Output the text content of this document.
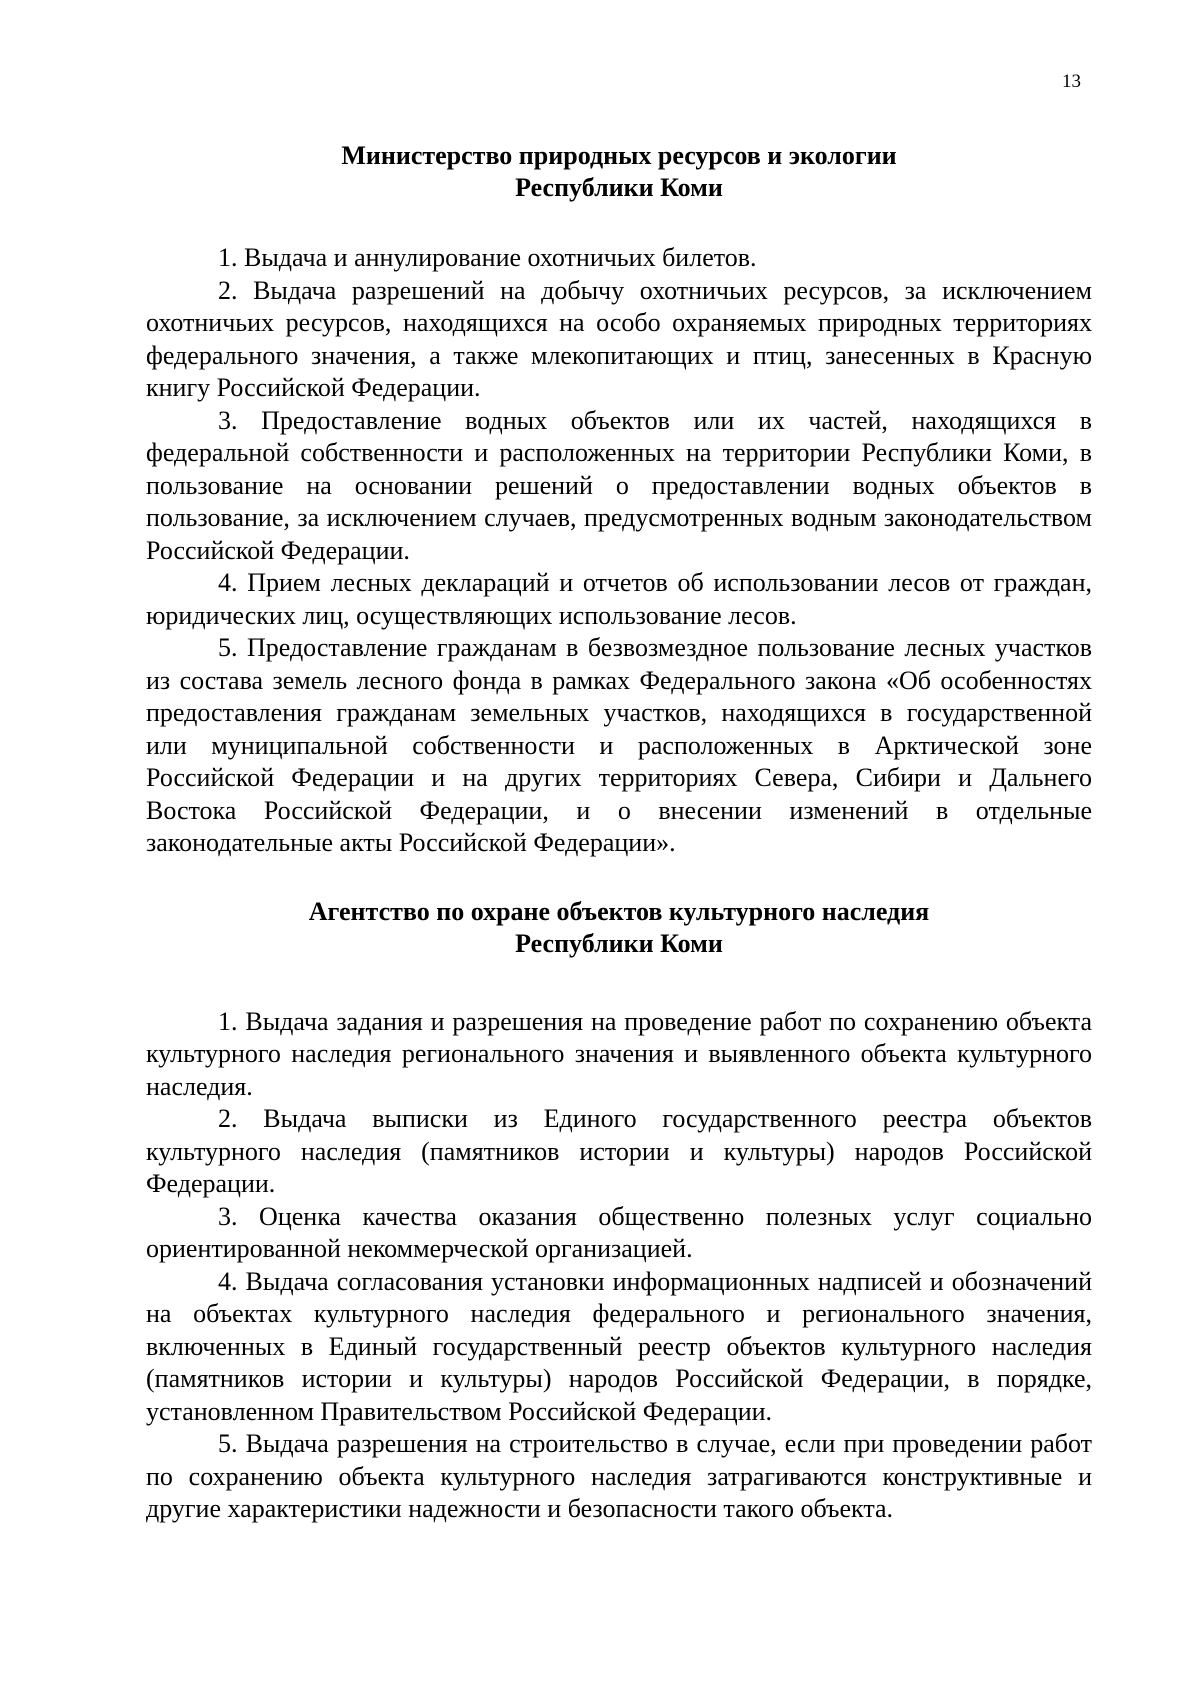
13
Министерство природных ресурсов и экологии
Республики Коми

1. Выдача и аннулирование охотничьих билетов.

2. Выдача разрешений на добычу охотничьих ресурсов, за исключением охотничьих ресурсов, находящихся на особо охраняемых природных территориях федерального значения, а также млекопитающих и птиц, занесенных в Красную книгу Российской Федерации.

3. Предоставление водных объектов или их частей, находящихся в федеральной собственности и расположенных на территории Республики Коми, в пользование на основании решений о предоставлении водных объектов в пользование, за исключением случаев, предусмотренных водным законодательством Российской Федерации.

4. Прием лесных деклараций и отчетов об использовании лесов от граждан, юридических лиц, осуществляющих использование лесов.

5. Предоставление гражданам в безвозмездное пользование лесных участков из состава земель лесного фонда в рамках Федерального закона «Об особенностях предоставления гражданам земельных участков, находящихся в государственной или муниципальной собственности и расположенных в Арктической зоне Российской Федерации и на других территориях Севера, Сибири и Дальнего Востока Российской Федерации, и о внесении изменений в отдельные законодательные акты Российской Федерации».

Агентство по охране объектов культурного наследия
Республики Коми

1. Выдача задания и разрешения на проведение работ по сохранению объекта культурного наследия регионального значения и выявленного объекта культурного наследия.

2. Выдача выписки из Единого государственного реестра объектов культурного наследия (памятников истории и культуры) народов Российской Федерации.

3. Оценка качества оказания общественно полезных услуг социально ориентированной некоммерческой организацией.

4. Выдача согласования установки информационных надписей и обозначений на объектах культурного наследия федерального и регионального значения, включенных в Единый государственный реестр объектов культурного наследия (памятников истории и культуры) народов Российской Федерации, в порядке, установленном Правительством Российской Федерации.

5. Выдача разрешения на строительство в случае, если при проведении работ по сохранению объекта культурного наследия затрагиваются конструктивные и другие характеристики надежности и безопасности такого объекта.
